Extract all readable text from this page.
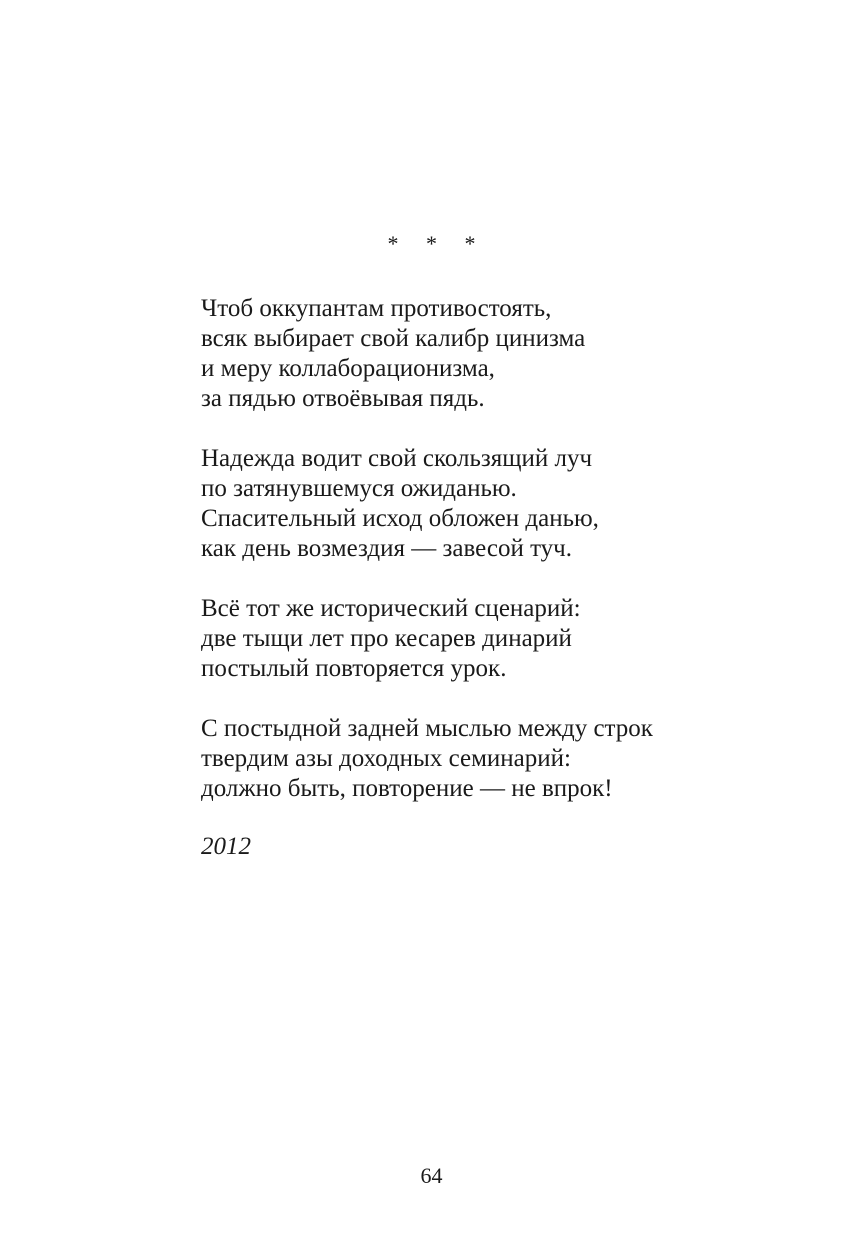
* * *
Чтоб оккупантам противостоять,
всяк выбирает свой калибр цинизма
и меру коллаборационизма,
за пядью отвоёвывая пядь.
Надежда водит свой скользящий луч
по затянувшемуся ожиданью.
Спасительный исход обложен данью,
как день возмездия — завесой туч.
Всё тот же исторический сценарий:
две тыщи лет про кесарев динарий
постылый повторяется урок.
С постыдной задней мыслью между строк
твердим азы доходных семинарий:
должно быть, повторение — не впрок!
2012
64
